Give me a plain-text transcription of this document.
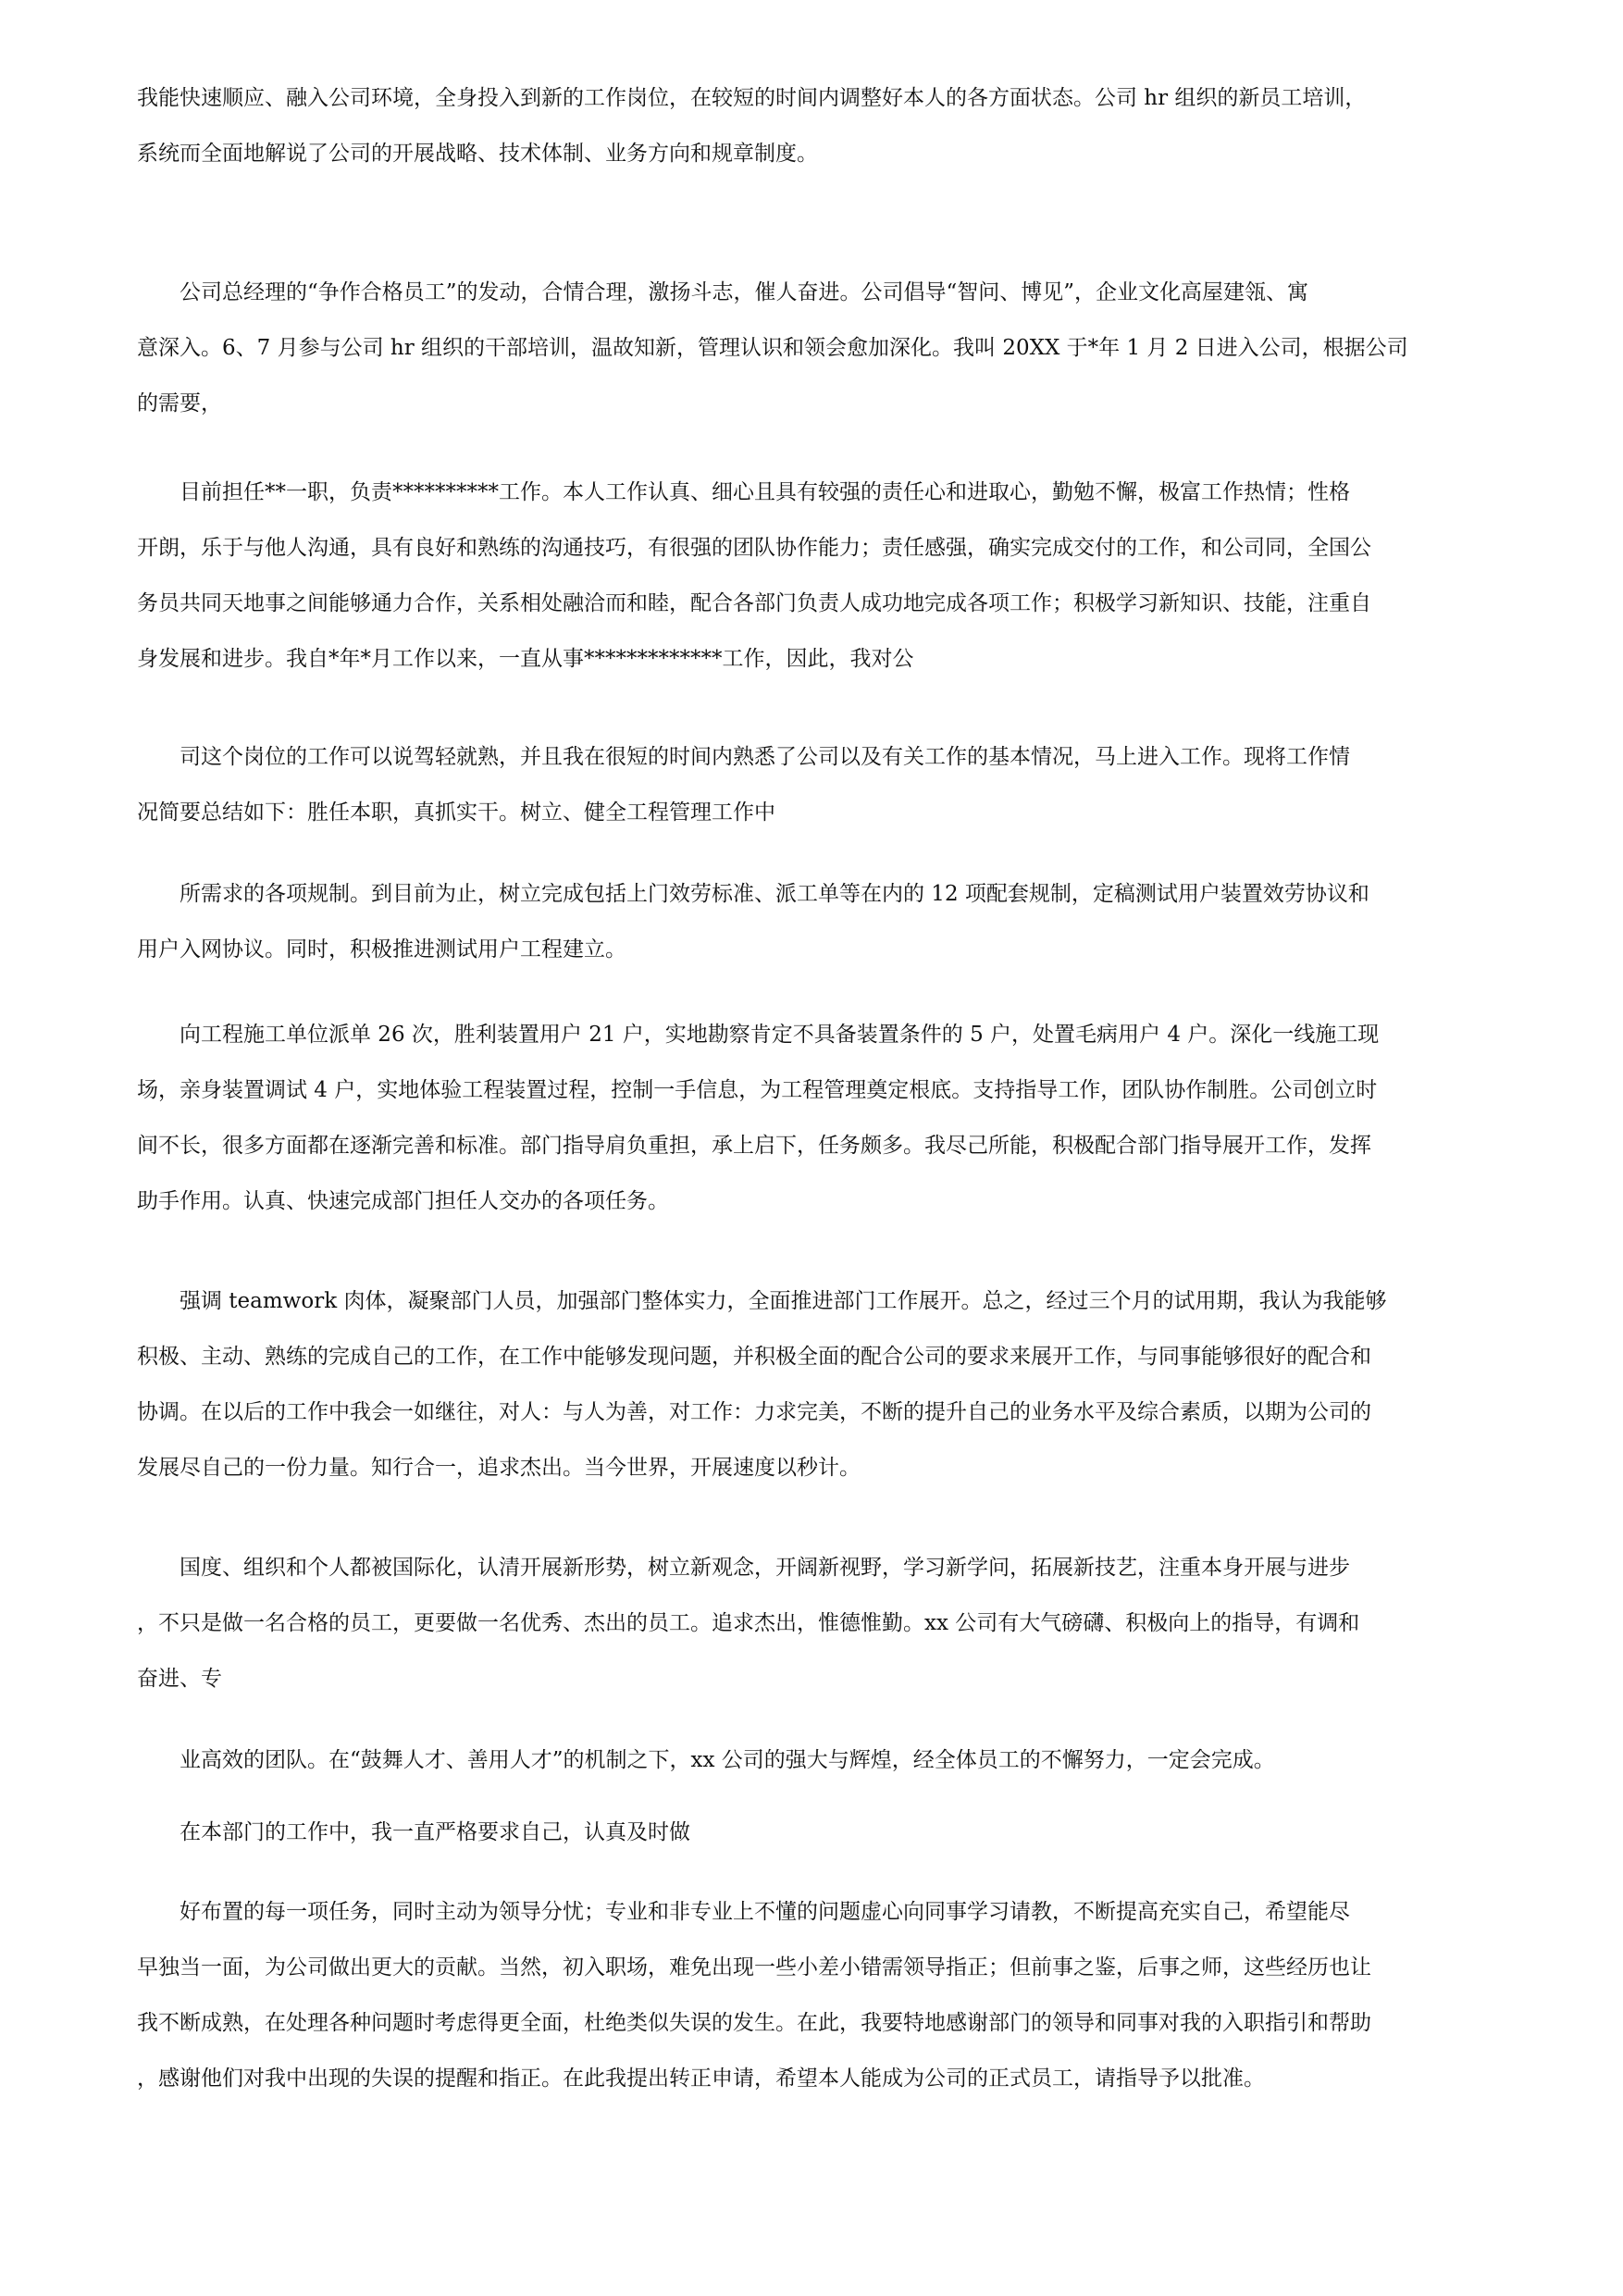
我能快速顺应、融入公司环境，全身投入到新的工作岗位，在较短的时间内调整好本人的各方面状态。公司 hr 组织的新员工培训，
系统而全面地解说了公司的开展战略、技术体制、业务方向和规章制度。
　　公司总经理的“争作合格员工”的发动，合情合理，激扬斗志，催人奋进。公司倡导“智问、博见”，企业文化高屋建瓴、寓
意深入。6、7 月参与公司 hr 组织的干部培训，温故知新，管理认识和领会愈加深化。我叫 20XX 于*年 1 月 2 日进入公司，根据公司
的需要，
　　目前担任**一职，负责**********工作。本人工作认真、细心且具有较强的责任心和进取心，勤勉不懈，极富工作热情；性格
开朗，乐于与他人沟通，具有良好和熟练的沟通技巧，有很强的团队协作能力；责任感强，确实完成交付的工作，和公司同，全国公
务员共同天地事之间能够通力合作，关系相处融洽而和睦，配合各部门负责人成功地完成各项工作；积极学习新知识、技能，注重自
身发展和进步。我自*年*月工作以来，一直从事*************工作，因此，我对公
　　司这个岗位的工作可以说驾轻就熟，并且我在很短的时间内熟悉了公司以及有关工作的基本情况，马上进入工作。现将工作情
况简要总结如下：胜任本职，真抓实干。树立、健全工程管理工作中
　　所需求的各项规制。到目前为止，树立完成包括上门效劳标准、派工单等在内的 12 项配套规制，定稿测试用户装置效劳协议和
用户入网协议。同时，积极推进测试用户工程建立。
　　向工程施工单位派单 26 次，胜利装置用户 21 户，实地勘察肯定不具备装置条件的 5 户，处置毛病用户 4 户。深化一线施工现
场，亲身装置调试 4 户，实地体验工程装置过程，控制一手信息，为工程管理奠定根底。支持指导工作，团队协作制胜。公司创立时
间不长，很多方面都在逐渐完善和标准。部门指导肩负重担，承上启下，任务颇多。我尽己所能，积极配合部门指导展开工作，发挥
助手作用。认真、快速完成部门担任人交办的各项任务。
　　强调 teamwork 肉体，凝聚部门人员，加强部门整体实力，全面推进部门工作展开。总之，经过三个月的试用期，我认为我能够
积极、主动、熟练的完成自己的工作，在工作中能够发现问题，并积极全面的配合公司的要求来展开工作，与同事能够很好的配合和
协调。在以后的工作中我会一如继往，对人：与人为善，对工作：力求完美，不断的提升自己的业务水平及综合素质，以期为公司的
发展尽自己的一份力量。知行合一，追求杰出。当今世界，开展速度以秒计。
　　国度、组织和个人都被国际化，认清开展新形势，树立新观念，开阔新视野，学习新学问，拓展新技艺，注重本身开展与进步
，不只是做一名合格的员工，更要做一名优秀、杰出的员工。追求杰出，惟德惟勤。xx 公司有大气磅礴、积极向上的指导，有调和
奋进、专
　　业高效的团队。在“鼓舞人才、善用人才”的机制之下，xx 公司的强大与辉煌，经全体员工的不懈努力，一定会完成。
　　在本部门的工作中，我一直严格要求自己，认真及时做
　　好布置的每一项任务，同时主动为领导分忧；专业和非专业上不懂的问题虚心向同事学习请教，不断提高充实自己，希望能尽
早独当一面，为公司做出更大的贡献。当然，初入职场，难免出现一些小差小错需领导指正；但前事之鉴，后事之师，这些经历也让
我不断成熟，在处理各种问题时考虑得更全面，杜绝类似失误的发生。在此，我要特地感谢部门的领导和同事对我的入职指引和帮助
，感谢他们对我中出现的失误的提醒和指正。在此我提出转正申请，希望本人能成为公司的正式员工，请指导予以批准。
